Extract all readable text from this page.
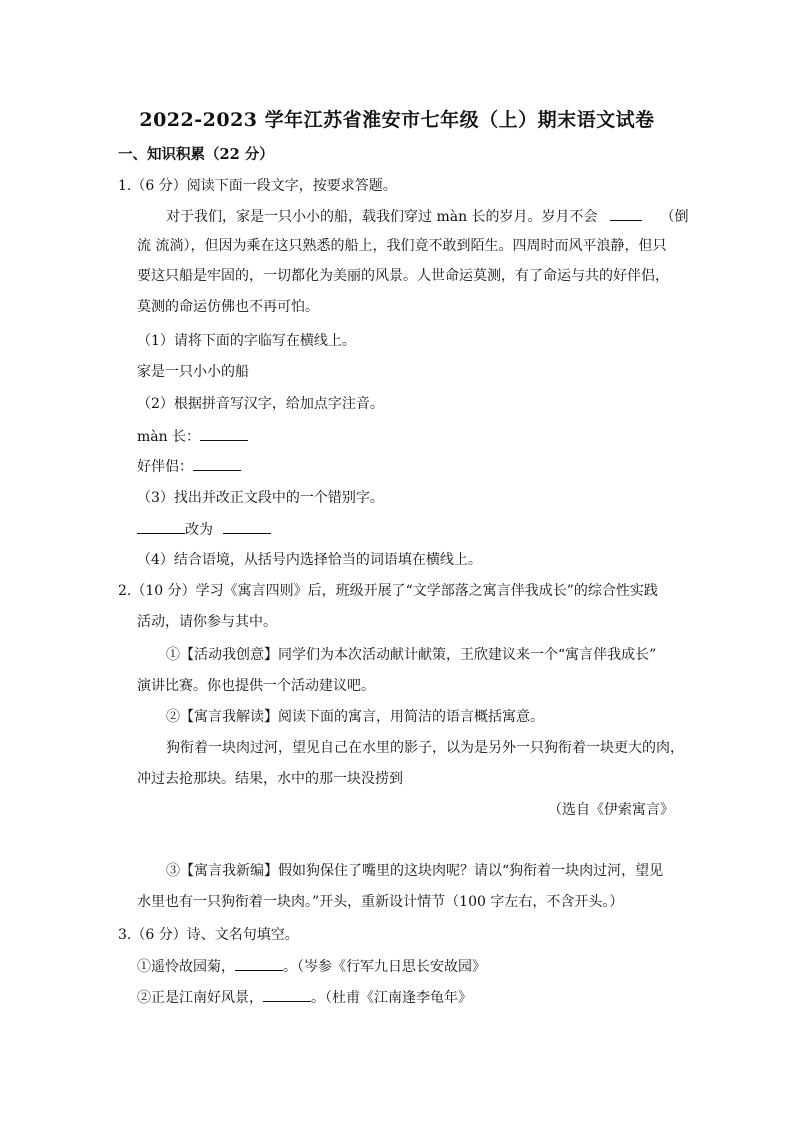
2022-2023 学年江苏省淮安市七年级（上）期末语文试卷
一、知识积累（22 分）
1.（6 分）阅读下面一段文字，按要求答题。
对于我们，家是一只小小的船，载我们穿过 màn 长的岁月。岁月不会	（倒
流 流淌），但因为乘在这只熟悉的船上，我们竟不敢到陌生。四周时而风平浪静，但只
要这只船是牢固的，一切都化为美丽的风景。人世命运莫测，有了命运与共的好伴侣，
莫测的命运仿佛也不再可怕。
（1）请将下面的字临写在横线上。
家是一只小小的船
（2）根据拼音写汉字，给加点字注音。
màn 长：
好伴侣：
（3）找出并改正文段中的一个错别字。
改为
（4）结合语境，从括号内选择恰当的词语填在横线上。
2.（10 分）学习《寓言四则》后，班级开展了“文学部落之寓言伴我成长”的综合性实践
活动，请你参与其中。
①【活动我创意】同学们为本次活动献计献策，王欣建议来一个“寓言伴我成长”
演讲比赛。你也提供一个活动建议吧。
②【寓言我解读】阅读下面的寓言，用简洁的语言概括寓意。
狗衔着一块肉过河，望见自己在水里的影子，以为是另外一只狗衔着一块更大的肉，
冲过去抢那块。结果，水中的那一块没捞到
（选自《伊索寓言》
③【寓言我新编】假如狗保住了嘴里的这块肉呢？请以“狗衔着一块肉过河，望见
水里也有一只狗衔着一块肉。”开头，重新设计情节（100 字左右，不含开头。）
3.（6 分）诗、文名句填空。
①遥怜故园菊，	。（岑参《行军九日思长安故园》
②正是江南好风景，	。（杜甫《江南逢李龟年》
